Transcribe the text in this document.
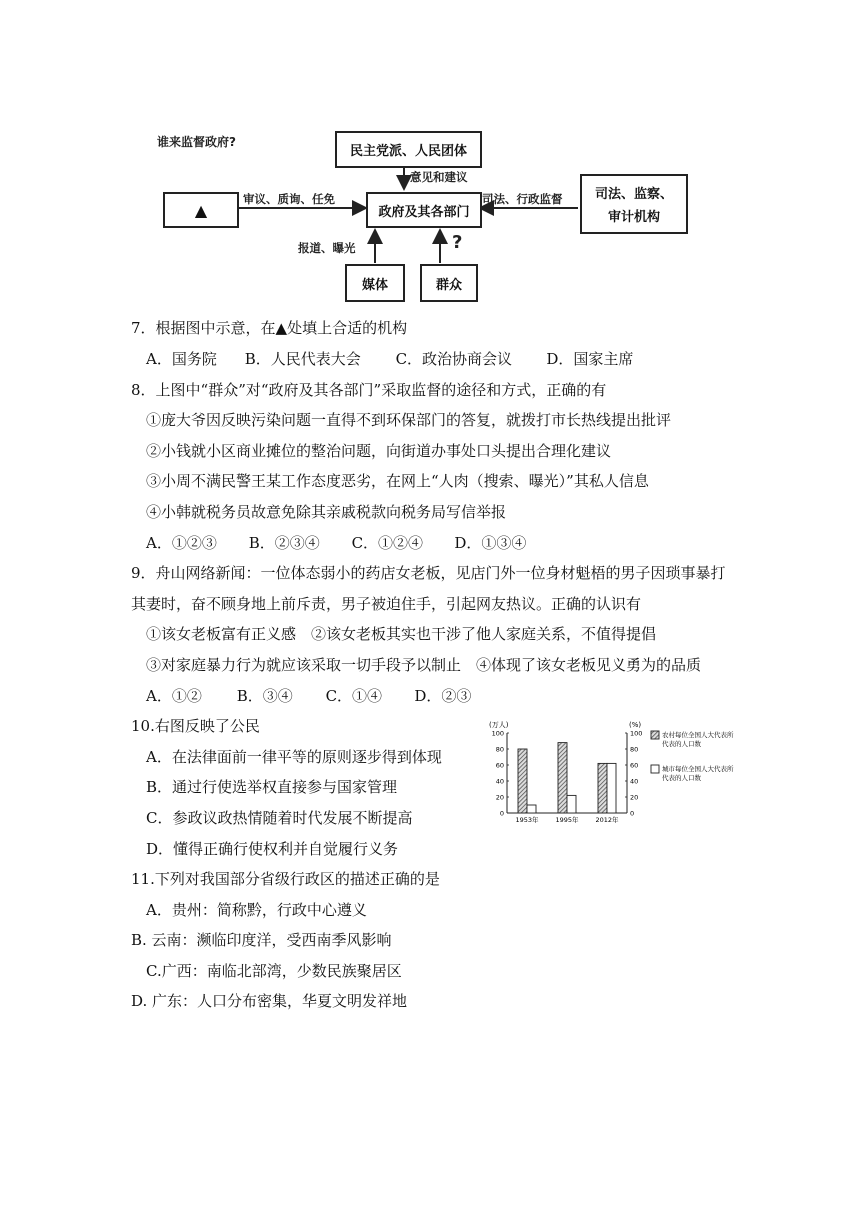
谁来监督政府?
民主党派、人民团体
意见和建议
▲
审议、质询、任免
政府及其各部门
司法、行政监督 司法、监察、
审计机构
报道、曝光	?
媒体	群众
7．根据图中示意，在▲处填上合适的机构
A．国务院 B．人民代表大会 C．政治协商会议 D．国家主席
8．上图中“群众”对“政府及其各部门”采取监督的途径和方式，正确的有
①庞大爷因反映污染问题一直得不到环保部门的答复，就拨打市长热线提出批评
②小钱就小区商业摊位的整治问题，向街道办事处口头提出合理化建议
③小周不满民警王某工作态度恶劣，在网上“人肉（搜索、曝光）”其私人信息
④小韩就税务员故意免除其亲戚税款向税务局写信举报
A．①②③ B．②③④ C．①②④ D．①③④
9．舟山网络新闻：一位体态弱小的药店女老板，见店门外一位身材魁梧的男子因琐事暴打
其妻时，奋不顾身地上前斥责，男子被迫住手，引起网友热议。正确的认识有
①该女老板富有正义感　②该女老板其实也干涉了他人家庭关系，不值得提倡
③对家庭暴力行为就应该采取一切手段予以制止　④体现了该女老板见义勇为的品质
A．①② B．③④ C．①④ D．②③
10.右图反映了公民
A．在法律面前一律平等的原则逐步得到体现
B．通过行使选举权直接参与国家管理
C．参政议政热情随着时代发展不断提高
D．懂得正确行使权利并自觉履行义务
(万人)	(%)
100
80
60
40
20
0
100
80
60
40
20
0
1953年	1995年	2012年
农村每位全国人大代表所
代表的人口数
城市每位全国人大代表所
代表的人口数
11.下列对我国部分省级行政区的描述正确的是
A．贵州：简称黔，行政中心遵义
B. 云南：濒临印度洋，受西南季风影响
C.广西：南临北部湾，少数民族聚居区
D. 广东：人口分布密集，华夏文明发祥地
